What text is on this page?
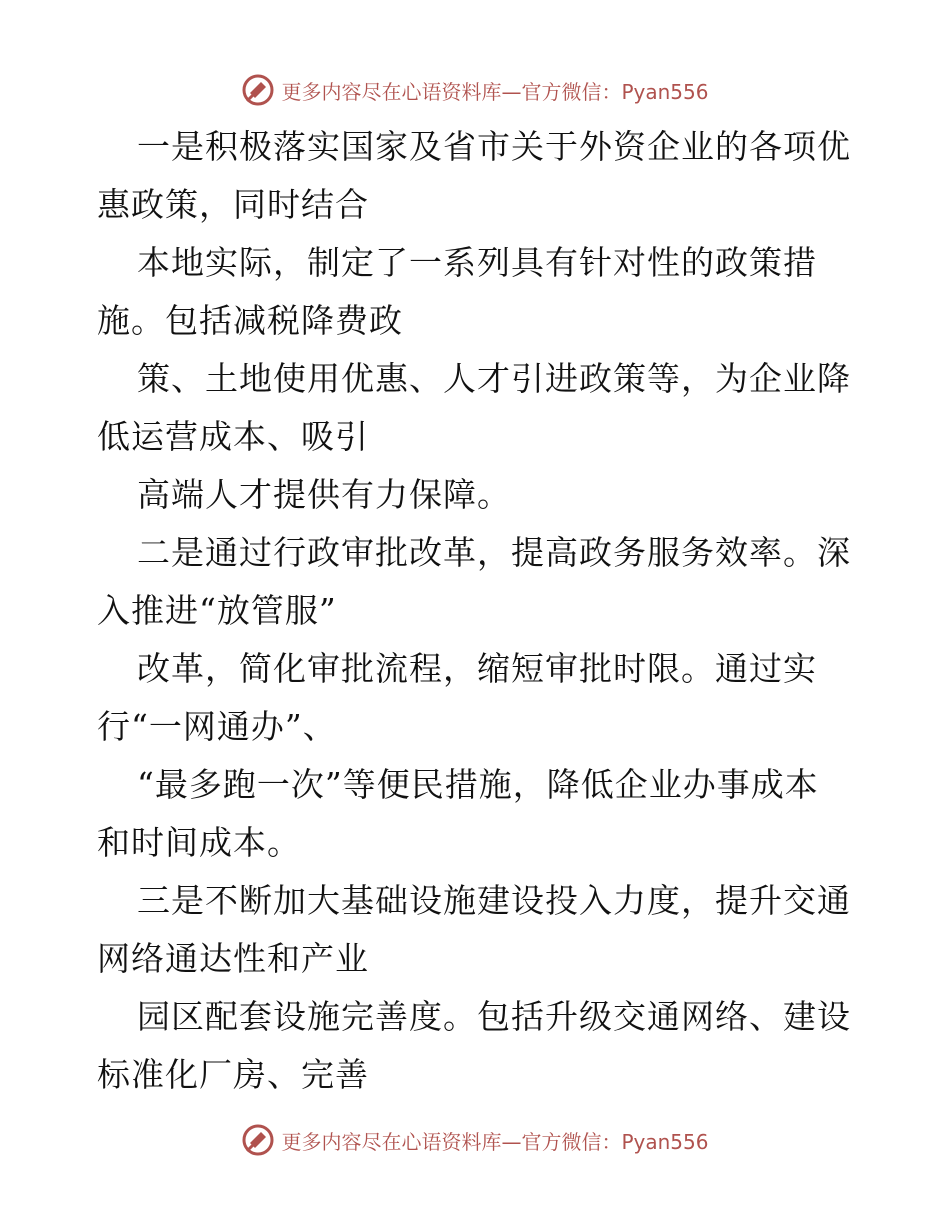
更多内容尽在心语资料库—官方微信：Pyan556
一是积极落实国家及省市关于外资企业的各项优
惠政策，同时结合
本地实际，制定了一系列具有针对性的政策措
施。包括减税降费政
策、土地使用优惠、人才引进政策等，为企业降
低运营成本、吸引
高端人才提供有力保障。
二是通过行政审批改革，提高政务服务效率。深
入推进“放管服”
改革，简化审批流程，缩短审批时限。通过实
行“一网通办”、
“最多跑一次”等便民措施，降低企业办事成本
和时间成本。
三是不断加大基础设施建设投入力度，提升交通
网络通达性和产业
园区配套设施完善度。包括升级交通网络、建设
标准化厂房、完善
更多内容尽在心语资料库—官方微信：Pyan556
